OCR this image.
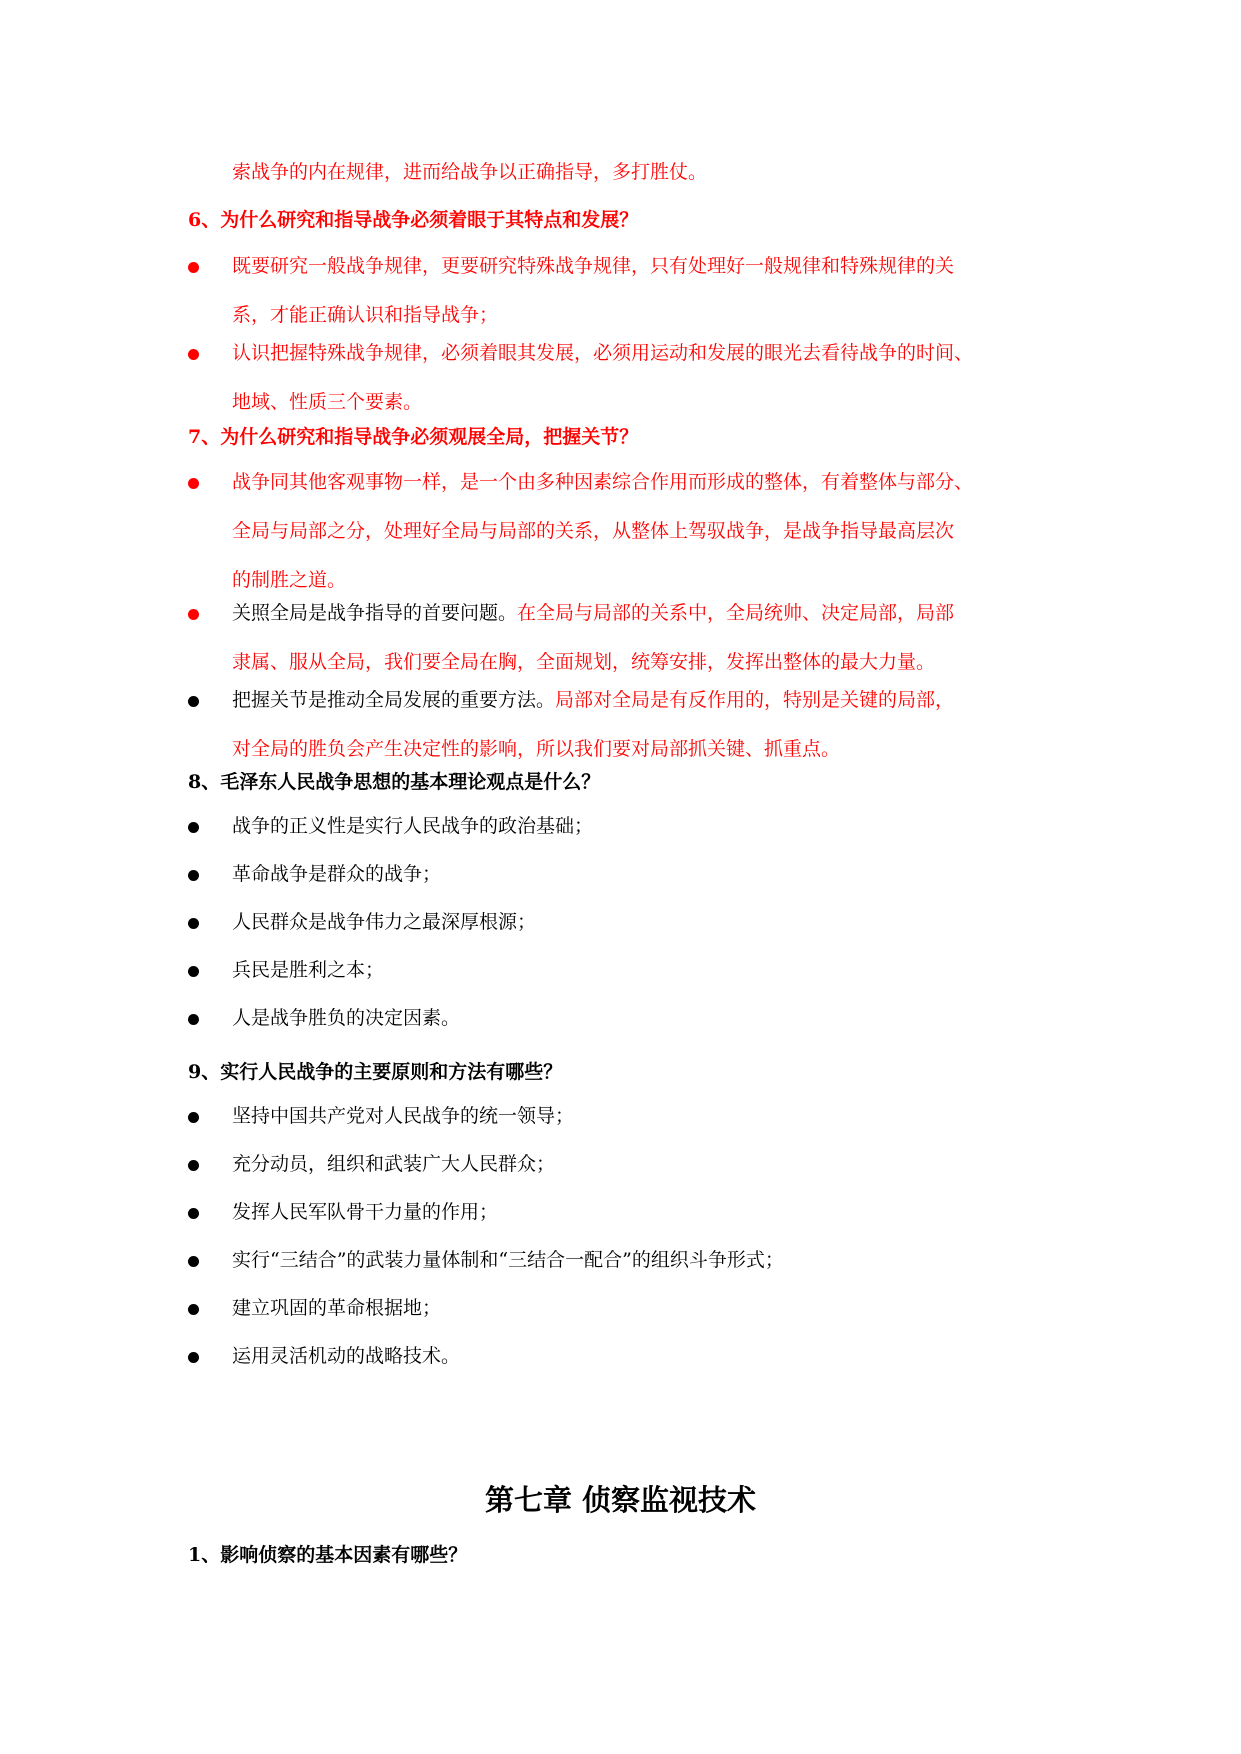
索战争的内在规律，进而给战争以正确指导，多打胜仗。
6、为什么研究和指导战争必须着眼于其特点和发展？
既要研究一般战争规律，更要研究特殊战争规律，只有处理好一般规律和特殊规律的关
系，才能正确认识和指导战争；
认识把握特殊战争规律，必须着眼其发展，必须用运动和发展的眼光去看待战争的时间、
地域、性质三个要素。
7、为什么研究和指导战争必须观展全局，把握关节？
战争同其他客观事物一样，是一个由多种因素综合作用而形成的整体，有着整体与部分、
全局与局部之分，处理好全局与局部的关系，从整体上驾驭战争，是战争指导最高层次
的制胜之道。
关照全局是战争指导的首要问题。在全局与局部的关系中，全局统帅、决定局部，局部
隶属、服从全局，我们要全局在胸，全面规划，统筹安排，发挥出整体的最大力量。
把握关节是推动全局发展的重要方法。局部对全局是有反作用的，特别是关键的局部，
对全局的胜负会产生决定性的影响，所以我们要对局部抓关键、抓重点。
8、毛泽东人民战争思想的基本理论观点是什么？
战争的正义性是实行人民战争的政治基础；
革命战争是群众的战争；
人民群众是战争伟力之最深厚根源；
兵民是胜利之本；
人是战争胜负的决定因素。
9、实行人民战争的主要原则和方法有哪些？
坚持中国共产党对人民战争的统一领导；
充分动员，组织和武装广大人民群众；
发挥人民军队骨干力量的作用；
实行“三结合”的武装力量体制和“三结合一配合”的组织斗争形式；
建立巩固的革命根据地；
运用灵活机动的战略技术。
第七章 侦察监视技术
1、影响侦察的基本因素有哪些？
